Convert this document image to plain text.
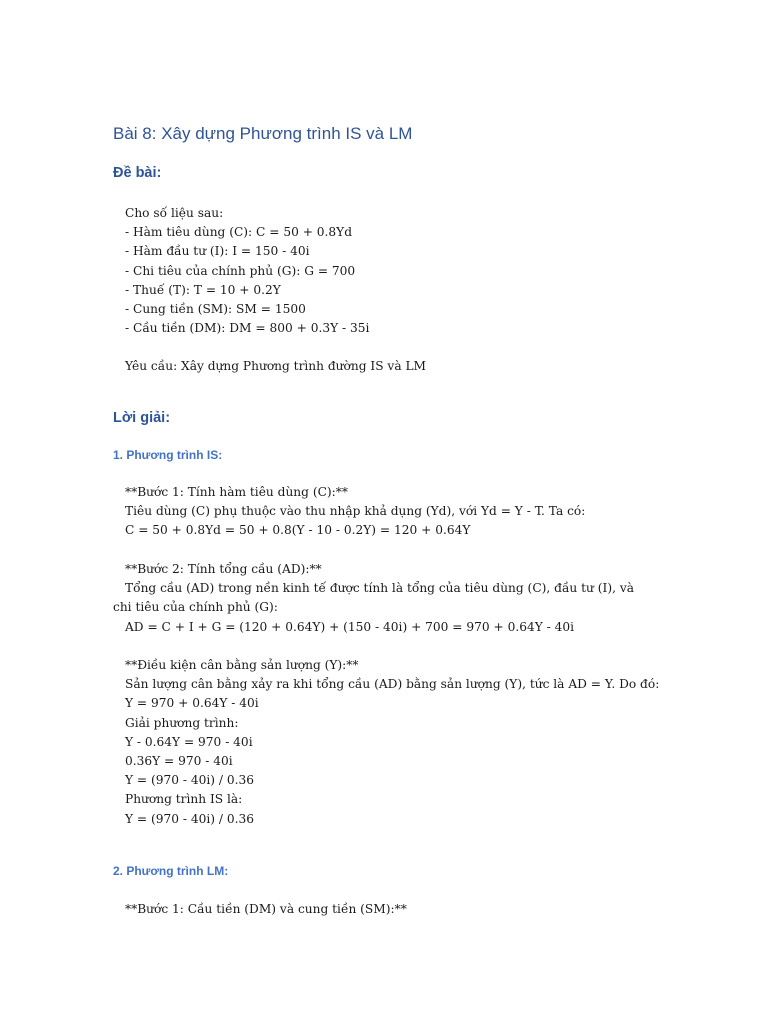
Bài 8: Xây dựng Phương trình IS và LM
Đề bài:
Cho số liệu sau:
- Hàm tiêu dùng (C): C = 50 + 0.8Yd
- Hàm đầu tư (I): I = 150 - 40i
- Chi tiêu của chính phủ (G): G = 700
- Thuế (T): T = 10 + 0.2Y
- Cung tiền (SM): SM = 1500
- Cầu tiền (DM): DM = 800 + 0.3Y - 35i
Yêu cầu: Xây dựng Phương trình đường IS và LM
Lời giải:
1. Phương trình IS:
**Bước 1: Tính hàm tiêu dùng (C):**
Tiêu dùng (C) phụ thuộc vào thu nhập khả dụng (Yd), với Yd = Y - T. Ta có:
C = 50 + 0.8Yd = 50 + 0.8(Y - 10 - 0.2Y) = 120 + 0.64Y
**Bước 2: Tính tổng cầu (AD):**
Tổng cầu (AD) trong nền kinh tế được tính là tổng của tiêu dùng (C), đầu tư (I), và chi tiêu của chính phủ (G):
AD = C + I + G = (120 + 0.64Y) + (150 - 40i) + 700 = 970 + 0.64Y - 40i
**Điều kiện cân bằng sản lượng (Y):**
Sản lượng cân bằng xảy ra khi tổng cầu (AD) bằng sản lượng (Y), tức là AD = Y. Do đó:
Y = 970 + 0.64Y - 40i
Giải phương trình:
Y - 0.64Y = 970 - 40i
0.36Y = 970 - 40i
Y = (970 - 40i) / 0.36
Phương trình IS là:
Y = (970 - 40i) / 0.36
2. Phương trình LM:
**Bước 1: Cầu tiền (DM) và cung tiền (SM):**
